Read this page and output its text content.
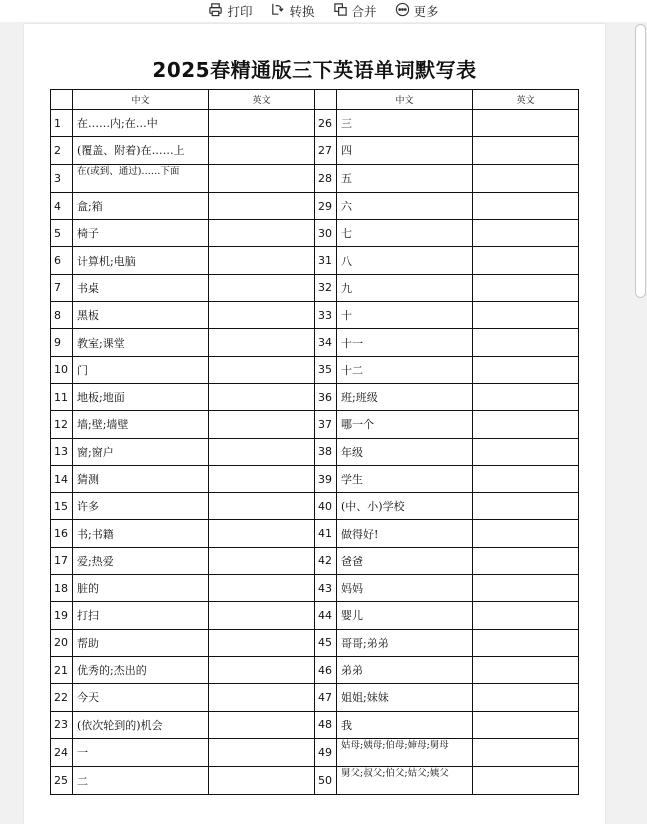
打印	转换	合并	更多
2025春精通版三下英语单词默写表
	中文	英文		中文	英文
1	在……内;在…中		26	三	
2	(覆盖、附着)在……上		27	四	
3	在(或到、通过)……下面		28	五	
4	盒;箱		29	六	
5	椅子		30	七	
6	计算机;电脑		31	八	
7	书桌		32	九	
8	黑板		33	十	
9	教室;课堂		34	十一	
10	门		35	十二	
11	地板;地面		36	班;班级	
12	墙;壁;墙壁		37	哪一个	
13	窗;窗户		38	年级	
14	猜测		39	学生	
15	许多		40	(中、小)学校	
16	书;书籍		41	做得好!	
17	爱;热爱		42	爸爸	
18	脏的		43	妈妈	
19	打扫		44	婴儿	
20	帮助		45	哥哥;弟弟	
21	优秀的;杰出的		46	弟弟	
22	今天		47	姐姐;妹妹	
23	(依次轮到的)机会		48	我	
24	一		49	姑母;姨母;伯母;婶母;舅母	
25	二		50	舅父;叔父;伯父;姑父;姨父	
